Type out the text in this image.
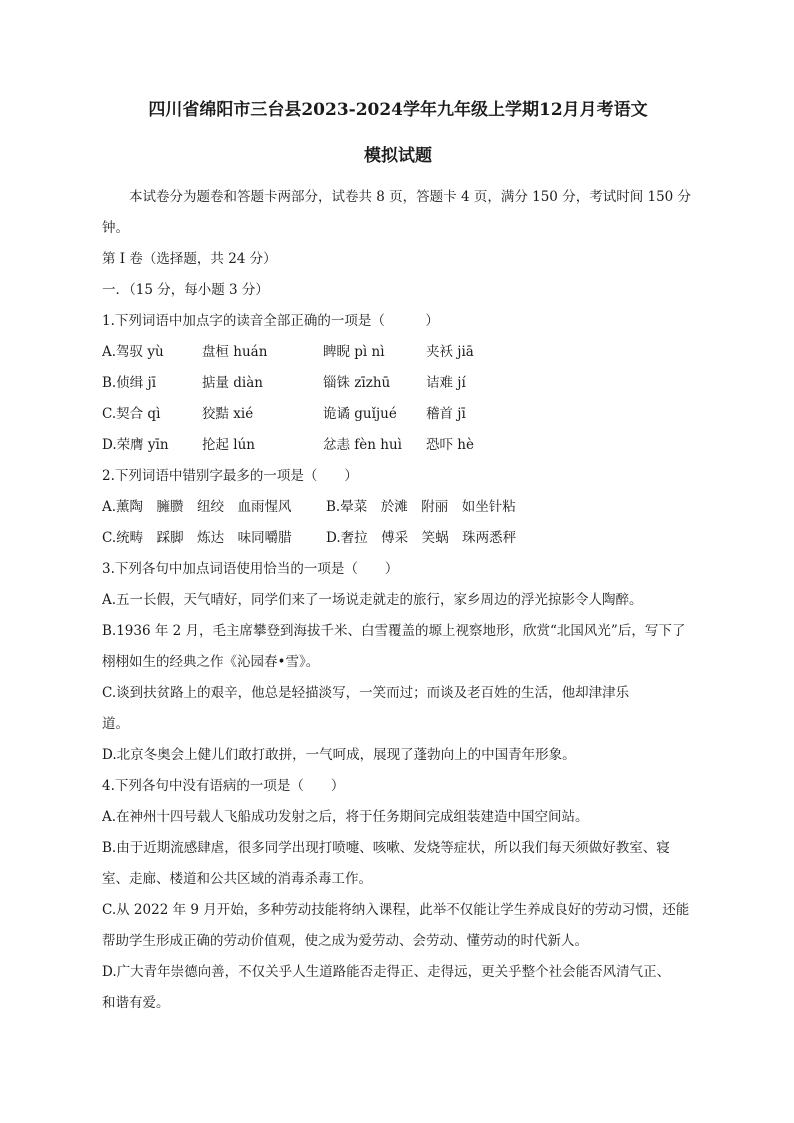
四川省绵阳市三台县2023-2024学年九年级上学期12月月考语文
模拟试题
本试卷分为题卷和答题卡两部分，试卷共 8 页，答题卡 4 页，满分 150 分，考试时间 150 分
钟。
第 I 卷（选择题，共 24 分）
一．（15 分，每小题 3 分）
1.下列词语中加点字的读音全部正确的一项是（　　　）
A.驾驭 yù	盘桓 huán	睥睨 pì nì	夹袄 jiā
B.侦缉 jī	掂量 diàn	锱铢 zīzhū	诘难 jí
C.契合 qì	狡黠 xié	诡谲 guǐjué 稽首 jī
D.荣膺 yīn 抡起 lún	忿恚 fèn huì 恐吓 hè
2.下列词语中错别字最多的一项是（　　）
A.薰陶　臃臜　纽绞　血雨惺风	B.晕菜　於滩　附丽　如坐针粘
C.统畴　踩脚　炼达　味同嚼腊	D.奢拉　傅采　笑蜗　珠两悉秤
3.下列各句中加点词语使用恰当的一项是（　　）
A.五一长假，天气晴好，同学们来了一场说走就走的旅行，家乡周边的浮光掠影令人陶醉。
B.1936 年 2 月，毛主席攀登到海拔千米、白雪覆盖的塬上视察地形，欣赏“北国风光”后，写下了
栩栩如生的经典之作《沁园春•雪》。
C.谈到扶贫路上的艰辛，他总是轻描淡写，一笑而过；而谈及老百姓的生活，他却津津乐
道。
D.北京冬奥会上健儿们敢打敢拼，一气呵成，展现了蓬勃向上的中国青年形象。
4.下列各句中没有语病的一项是（　　）
A.在神州十四号载人飞船成功发射之后，将于任务期间完成组装建造中国空间站。
B.由于近期流感肆虐，很多同学出现打喷嚏、咳嗽、发烧等症状，所以我们每天须做好教室、寝
室、走廊、楼道和公共区域的消毒杀毒工作。
C.从 2022 年 9 月开始，多种劳动技能将纳入课程，此举不仅能让学生养成良好的劳动习惯，还能
帮助学生形成正确的劳动价值观，使之成为爱劳动、会劳动、懂劳动的时代新人。
D.广大青年崇德向善，不仅关乎人生道路能否走得正、走得远，更关乎整个社会能否风清气正、
和谐有爱。
